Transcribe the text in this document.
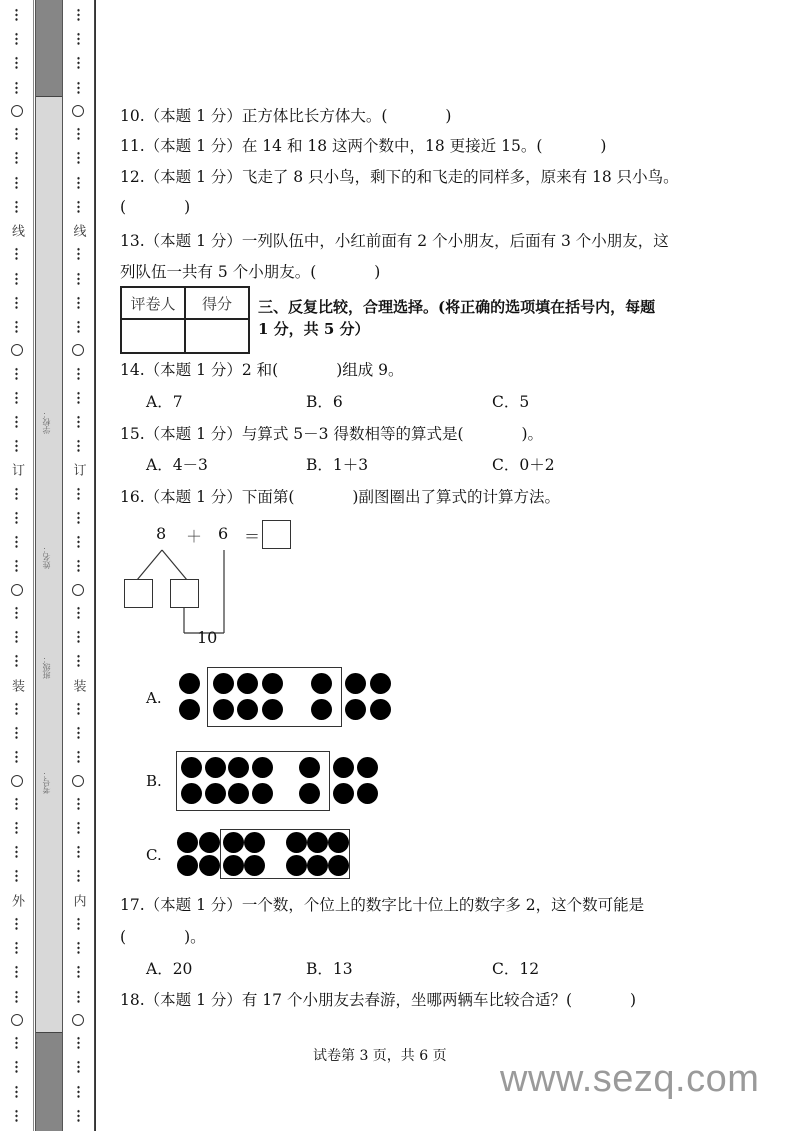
线
订
装
外
学校：
姓名：
班级：
考号：
线
订
装
内
10.（本题 1 分）正方体比长方体大。(	)
11.（本题 1 分）在 14 和 18 这两个数中，18 更接近 15。(	)
12.（本题 1 分）飞走了 8 只小鸟，剩下的和飞走的同样多，原来有 18 只小鸟。
(	)
13.（本题 1 分）一列队伍中，小红前面有 2 个小朋友，后面有 3 个小朋友，这
列队伍一共有 5 个小朋友。(	)
评卷人	得分
	三、反复比较，合理选择。(将正确的选项填在括号内，每题
1 分，共 5 分）
14.（本题 1 分）2 和(	)组成 9。
A．7	B．6	C．5
15.（本题 1 分）与算式 5－3 得数相等的算式是(	)。
A．4－3	B．1＋3	C．0＋2
16.（本题 1 分）下面第(	)副图圈出了算式的计算方法。
8 ＋ 6 ＝
10
A.
B.
C.
17.（本题 1 分）一个数，个位上的数字比十位上的数字多 2，这个数可能是
(	)。
A．20	B．13	C．12
18.（本题 1 分）有 17 个小朋友去春游，坐哪两辆车比较合适？(	)
试卷第 3 页，共 6 页
www.sezq.com
